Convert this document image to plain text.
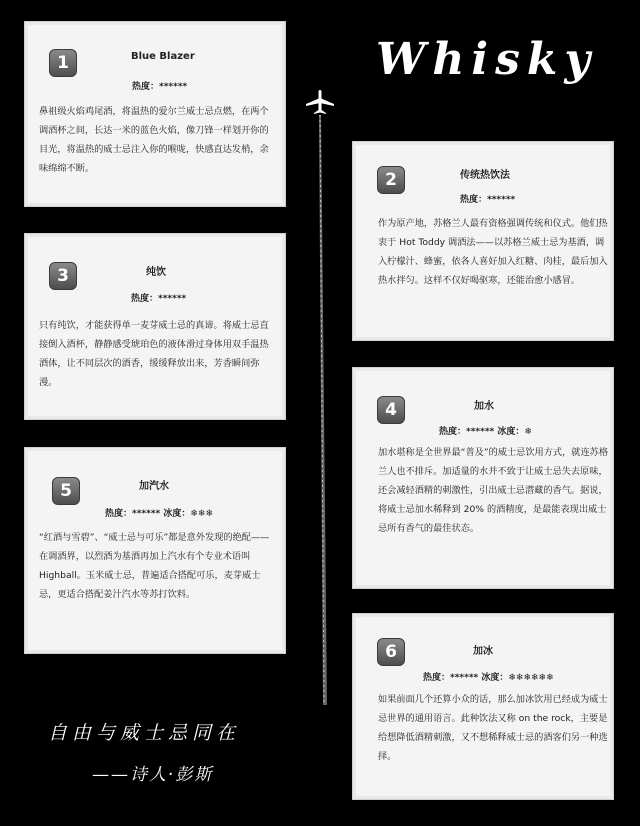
Whisky
1	Blue Blazer
热度：******
鼻祖级火焰鸡尾酒，将温热的爱尔兰威士忌点燃，在两个调酒杯之间，长达一米的蓝色火焰，像刀锋一样划开你的目光，将温热的威士忌注入你的喉咙，快感直达发梢，余味绵绵不断。
2	传统热饮法
热度：******
作为原产地，苏格兰人最有资格强调传统和仪式。他们热衷于 Hot Toddy 调酒法——以苏格兰威士忌为基酒，调入柠檬汁、蜂蜜，依各人喜好加入红糖、肉桂，最后加入热水拌匀。这样不仅好喝驱寒，还能治愈小感冒。
3	纯饮
热度：******
只有纯饮，才能获得单一麦芽威士忌的真谛。将威士忌直接倒入酒杯，静静感受琥珀色的液体滑过身体用双手温热酒体，让不同层次的酒香，缓缓释放出来，芳香瞬间弥漫。
4	加水
热度：****** 冰度：❄
加水堪称是全世界最“普及”的威士忌饮用方式，就连苏格兰人也不排斥。加适量的水并不致于让威士忌失去原味，还会减轻酒精的刺激性，引出威士忌潜藏的香气。据说，将威士忌加水稀释到 20% 的酒精度，是最能表现出威士忌所有香气的最佳状态。
5	加汽水
热度：****** 冰度：❄❄❄
“红酒与雪碧”、“威士忌与可乐”都是意外发现的绝配——在调酒界，以烈酒为基酒再加上汽水有个专业术语叫 Highball。玉米威士忌，普遍适合搭配可乐，麦芽威士忌，更适合搭配姜汁汽水等苏打饮料。
6	加冰
热度：****** 冰度：❄❄❄❄❄❄
如果前面几个还算小众的话，那么加冰饮用已经成为威士忌世界的通用语言。此种饮法又称 on the rock，主要是给想降低酒精刺激，又不想稀释威士忌的酒客们另一种选择。
自由与威士忌同在
——诗人·彭斯
